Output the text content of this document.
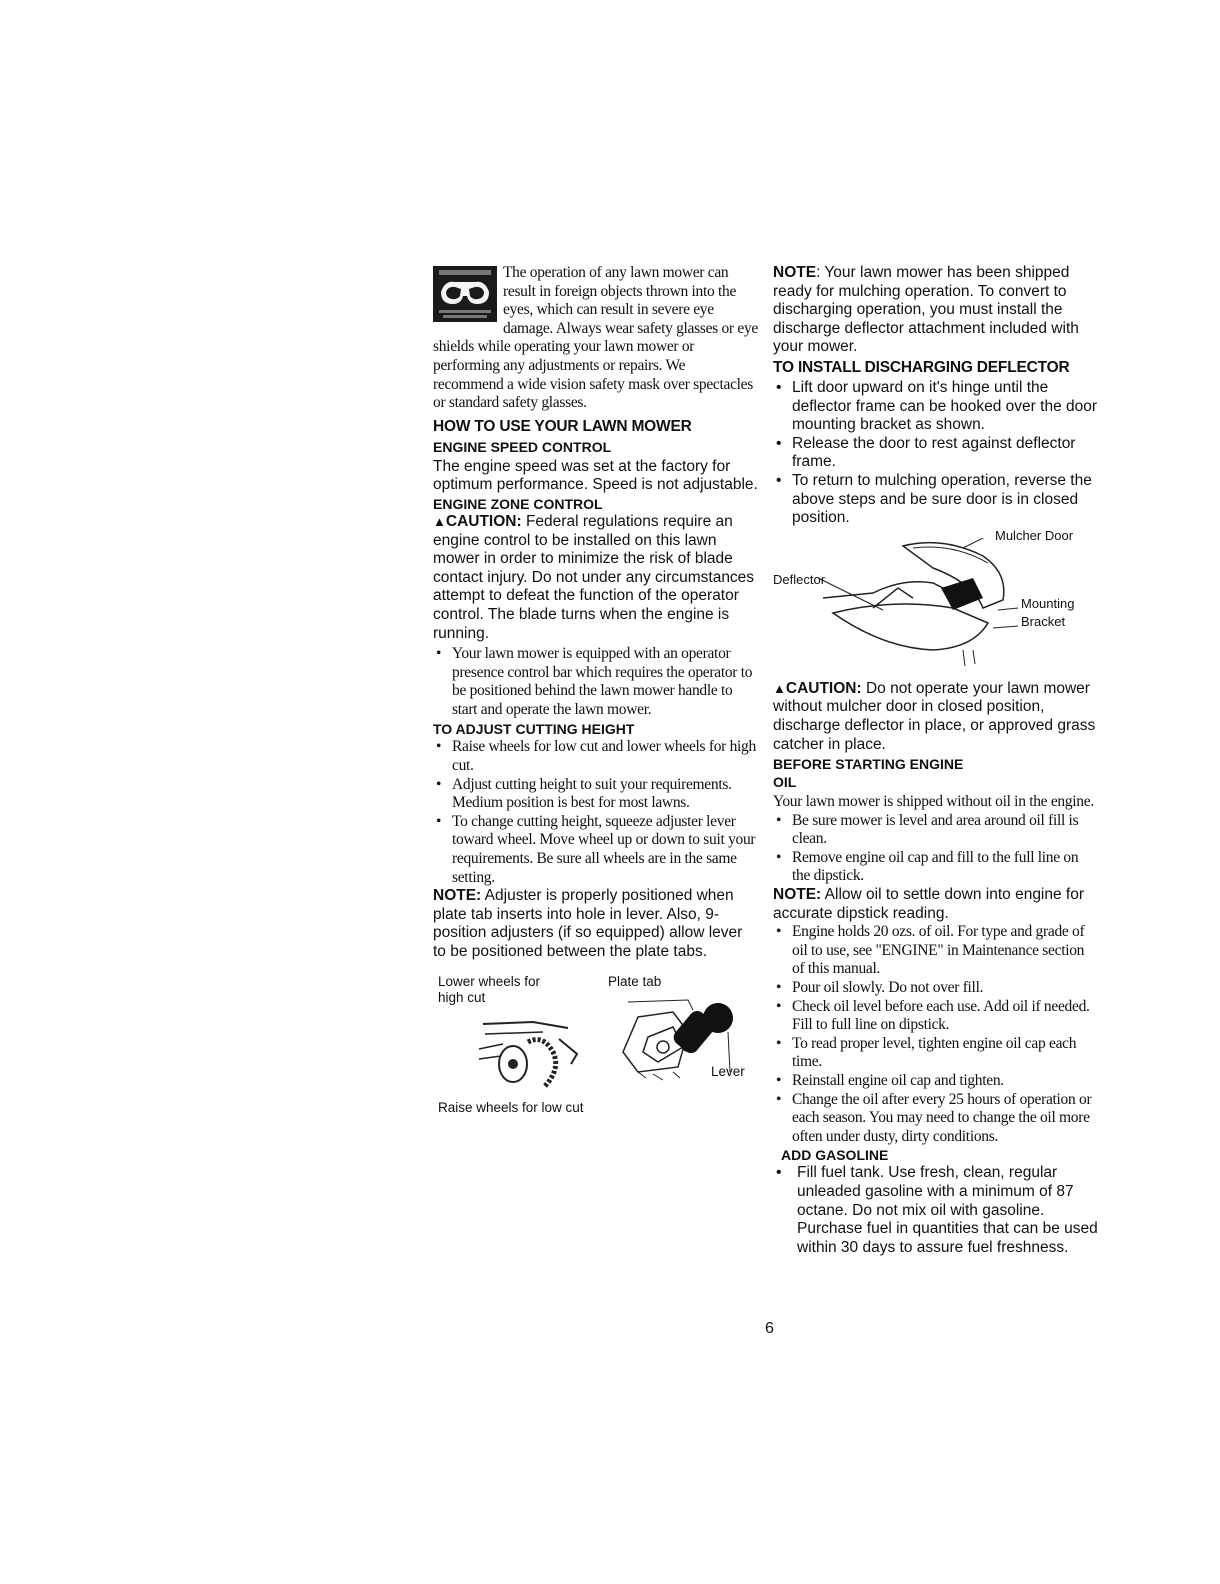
The operation of any lawn mower can result in foreign objects thrown into the eyes, which can result in severe eye damage. Always wear safety glasses or eye shields while operating your lawn mower or performing any adjustments or repairs. We recommend a wide vision safety mask over spectacles or standard safety glasses.

HOW TO USE YOUR LAWN MOWER
ENGINE SPEED CONTROL

The engine speed was set at the factory for optimum performance. Speed is not adjustable.

ENGINE ZONE CONTROL

▲CAUTION: Federal regulations require an engine control to be installed on this lawn mower in order to minimize the risk of blade contact injury. Do not under any circumstances attempt to defeat the function of the operator control. The blade turns when the engine is running.

• Your lawn mower is equipped with an operator presence control bar which requires the operator to be positioned behind the lawn mower handle to start and operate the lawn mower.
TO ADJUST CUTTING HEIGHT
• Raise wheels for low cut and lower wheels for high cut.
• Adjust cutting height to suit your requirements. Medium position is best for most lawns.
• To change cutting height, squeeze adjuster lever toward wheel. Move wheel up or down to suit your requirements. Be sure all wheels are in the same setting.

NOTE: Adjuster is properly positioned when plate tab inserts into hole in lever. Also, 9-position adjusters (if so equipped) allow lever to be positioned between the plate tabs.

Lower wheels for high cut
Plate tab
Lever
Raise wheels for low cut

NOTE: Your lawn mower has been shipped ready for mulching operation. To convert to discharging operation, you must install the discharge deflector attachment included with your mower.

TO INSTALL DISCHARGING DEFLECTOR
• Lift door upward on it's hinge until the deflector frame can be hooked over the door mounting bracket as shown.
• Release the door to rest against deflector frame.
• To return to mulching operation, reverse the above steps and be sure door is in closed position.
Mulcher Door
Deflector
Mounting
Bracket

▲CAUTION: Do not operate your lawn mower without mulcher door in closed position, discharge deflector in place, or approved grass catcher in place.

BEFORE STARTING ENGINE
OIL

Your lawn mower is shipped without oil in the engine.

• Be sure mower is level and area around oil fill is clean.
• Remove engine oil cap and fill to the full line on the dipstick.

NOTE: Allow oil to settle down into engine for accurate dipstick reading.

• Engine holds 20 ozs. of oil. For type and grade of oil to use, see "ENGINE" in Maintenance section of this manual.
• Pour oil slowly. Do not over fill.
• Check oil level before each use. Add oil if needed. Fill to full line on dipstick.
• To read proper level, tighten engine oil cap each time.
• Reinstall engine oil cap and tighten.
• Change the oil after every 25 hours of operation or each season. You may need to change the oil more often under dusty, dirty conditions.
ADD GASOLINE
• Fill fuel tank. Use fresh, clean, regular unleaded gasoline with a minimum of 87 octane. Do not mix oil with gasoline. Purchase fuel in quantities that can be used within 30 days to assure fuel freshness.
6
